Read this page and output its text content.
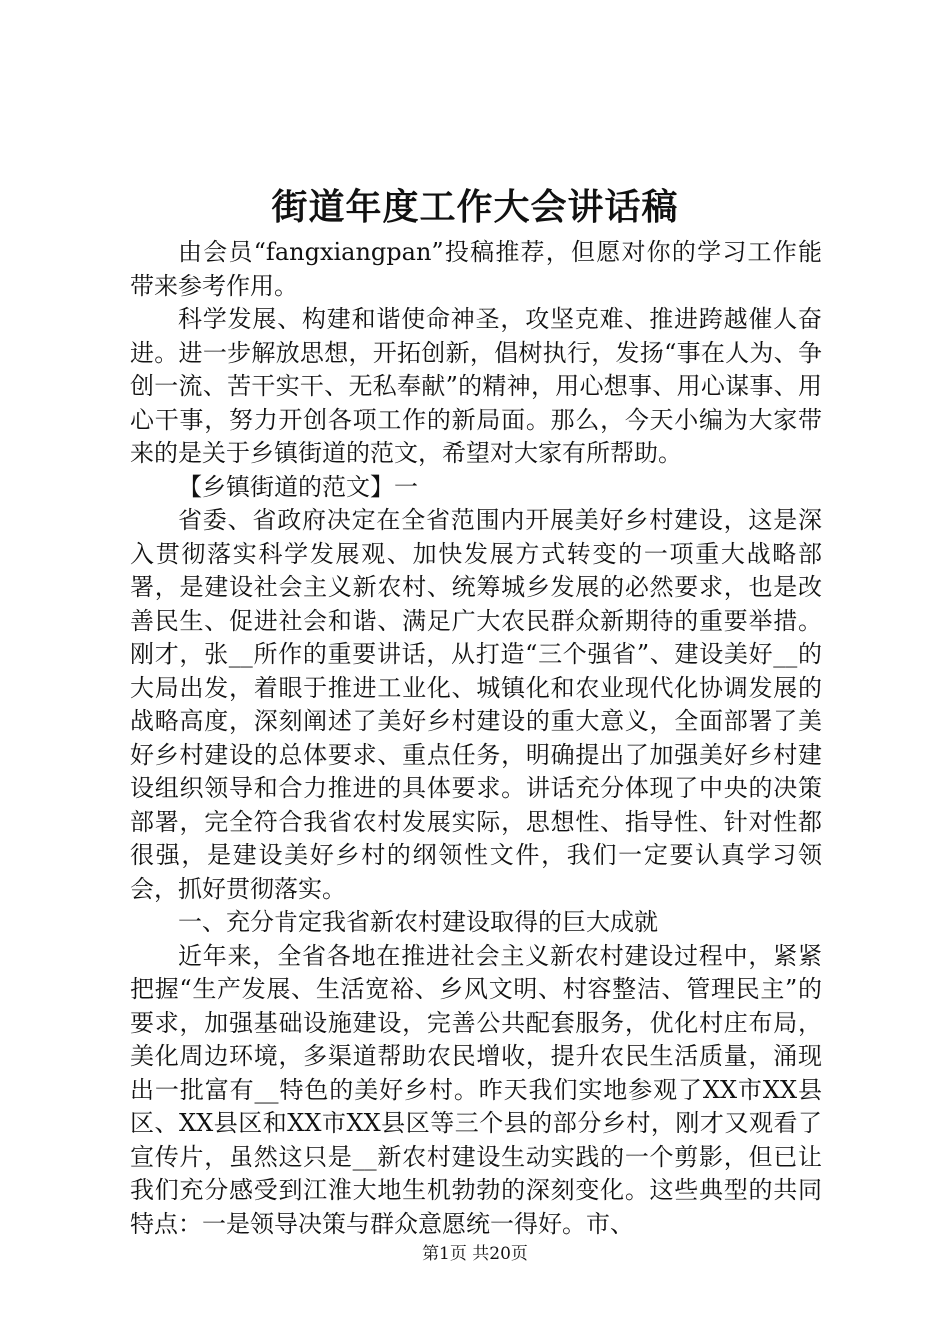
街道年度工作大会讲话稿

由会员“fangxiangpan”投稿推荐，但愿对你的学习工作能带来参考作用。

科学发展、构建和谐使命神圣，攻坚克难、推进跨越催人奋进。进一步解放思想，开拓创新，倡树执行，发扬“事在人为、争创一流、苦干实干、无私奉献”的精神，用心想事、用心谋事、用心干事，努力开创各项工作的新局面。那么，今天小编为大家带来的是关于乡镇街道的范文，希望对大家有所帮助。

【乡镇街道的范文】一

省委、省政府决定在全省范围内开展美好乡村建设，这是深入贯彻落实科学发展观、加快发展方式转变的一项重大战略部署，是建设社会主义新农村、统筹城乡发展的必然要求，也是改善民生、促进社会和谐、满足广大农民群众新期待的重要举措。刚才，张__所作的重要讲话，从打造“三个强省”、建设美好__的大局出发，着眼于推进工业化、城镇化和农业现代化协调发展的战略高度，深刻阐述了美好乡村建设的重大意义，全面部署了美好乡村建设的总体要求、重点任务，明确提出了加强美好乡村建设组织领导和合力推进的具体要求。讲话充分体现了中央的决策部署，完全符合我省农村发展实际，思想性、指导性、针对性都很强，是建设美好乡村的纲领性文件，我们一定要认真学习领会，抓好贯彻落实。

一、充分肯定我省新农村建设取得的巨大成就

近年来，全省各地在推进社会主义新农村建设过程中，紧紧把握“生产发展、生活宽裕、乡风文明、村容整洁、管理民主”的要求，加强基础设施建设，完善公共配套服务，优化村庄布局，美化周边环境，多渠道帮助农民增收，提升农民生活质量，涌现出一批富有__特色的美好乡村。昨天我们实地参观了XX市XX县区、XX县区和XX市XX县区等三个县的部分乡村，刚才又观看了宣传片，虽然这只是__新农村建设生动实践的一个剪影，但已让我们充分感受到江淮大地生机勃勃的深刻变化。这些典型的共同特点：一是领导决策与群众意愿统一得好。市、

第1页 共20页
